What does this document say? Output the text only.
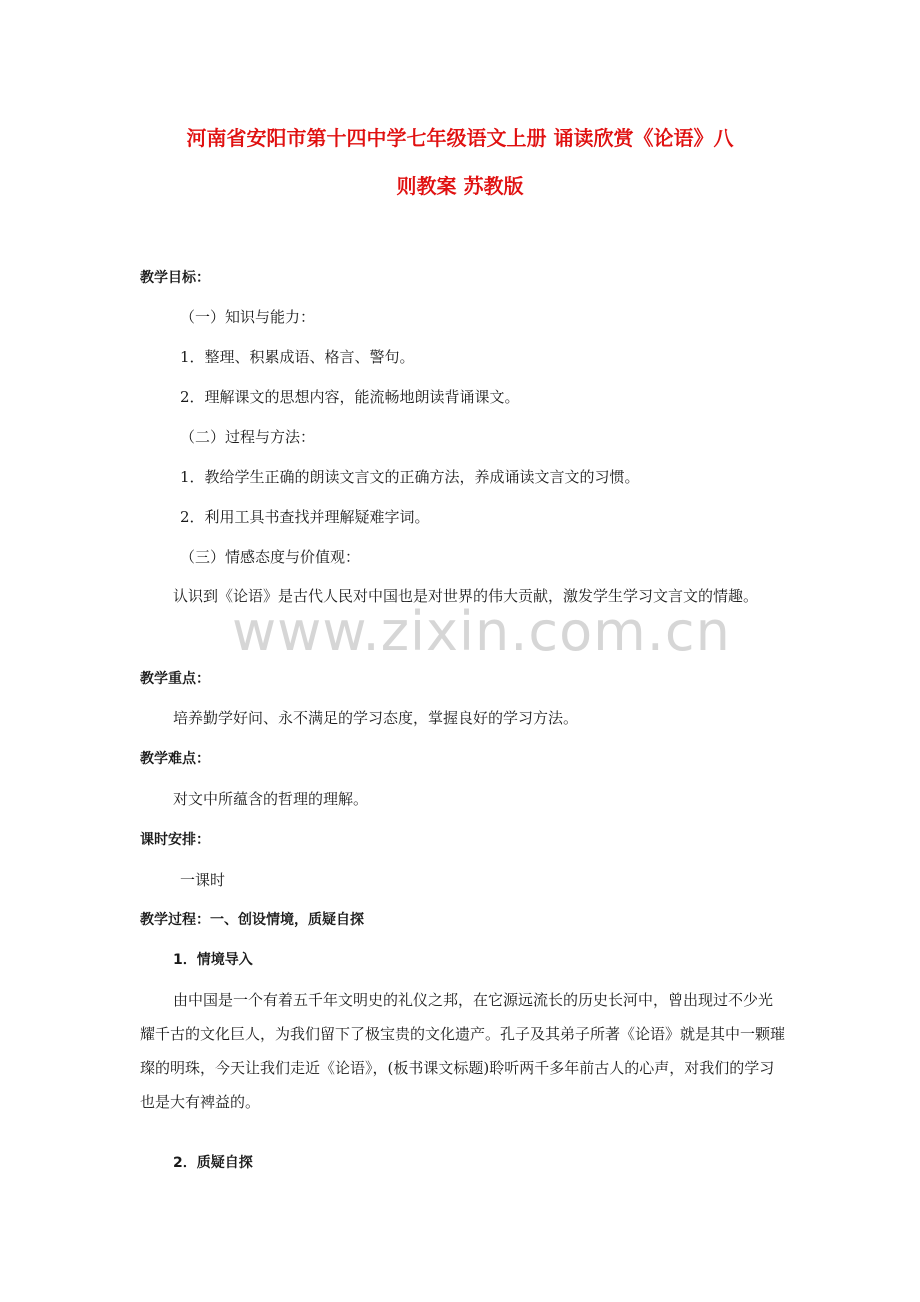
河南省安阳市第十四中学七年级语文上册 诵读欣赏《论语》八
则教案 苏教版
教学目标：
（一）知识与能力：
1．整理、积累成语、格言、警句。
2．理解课文的思想内容，能流畅地朗读背诵课文。
（二）过程与方法：
1．教给学生正确的朗读文言文的正确方法，养成诵读文言文的习惯。
2．利用工具书查找并理解疑难字词。
（三）情感态度与价值观：
认识到《论语》是古代人民对中国也是对世界的伟大贡献，激发学生学习文言文的情趣。
www.zixin.com.cn
教学重点：
培养勤学好问、永不满足的学习态度，掌握良好的学习方法。
教学难点：
对文中所蕴含的哲理的理解。
课时安排：
一课时
教学过程：一、创设情境，质疑自探
1．情境导入
由中国是一个有着五千年文明史的礼仪之邦，在它源远流长的历史长河中，曾出现过不少光耀千古的文化巨人，为我们留下了极宝贵的文化遗产。孔子及其弟子所著《论语》就是其中一颗璀璨的明珠，今天让我们走近《论语》，(板书课文标题)聆听两千多年前古人的心声，对我们的学习也是大有裨益的。
2．质疑自探
